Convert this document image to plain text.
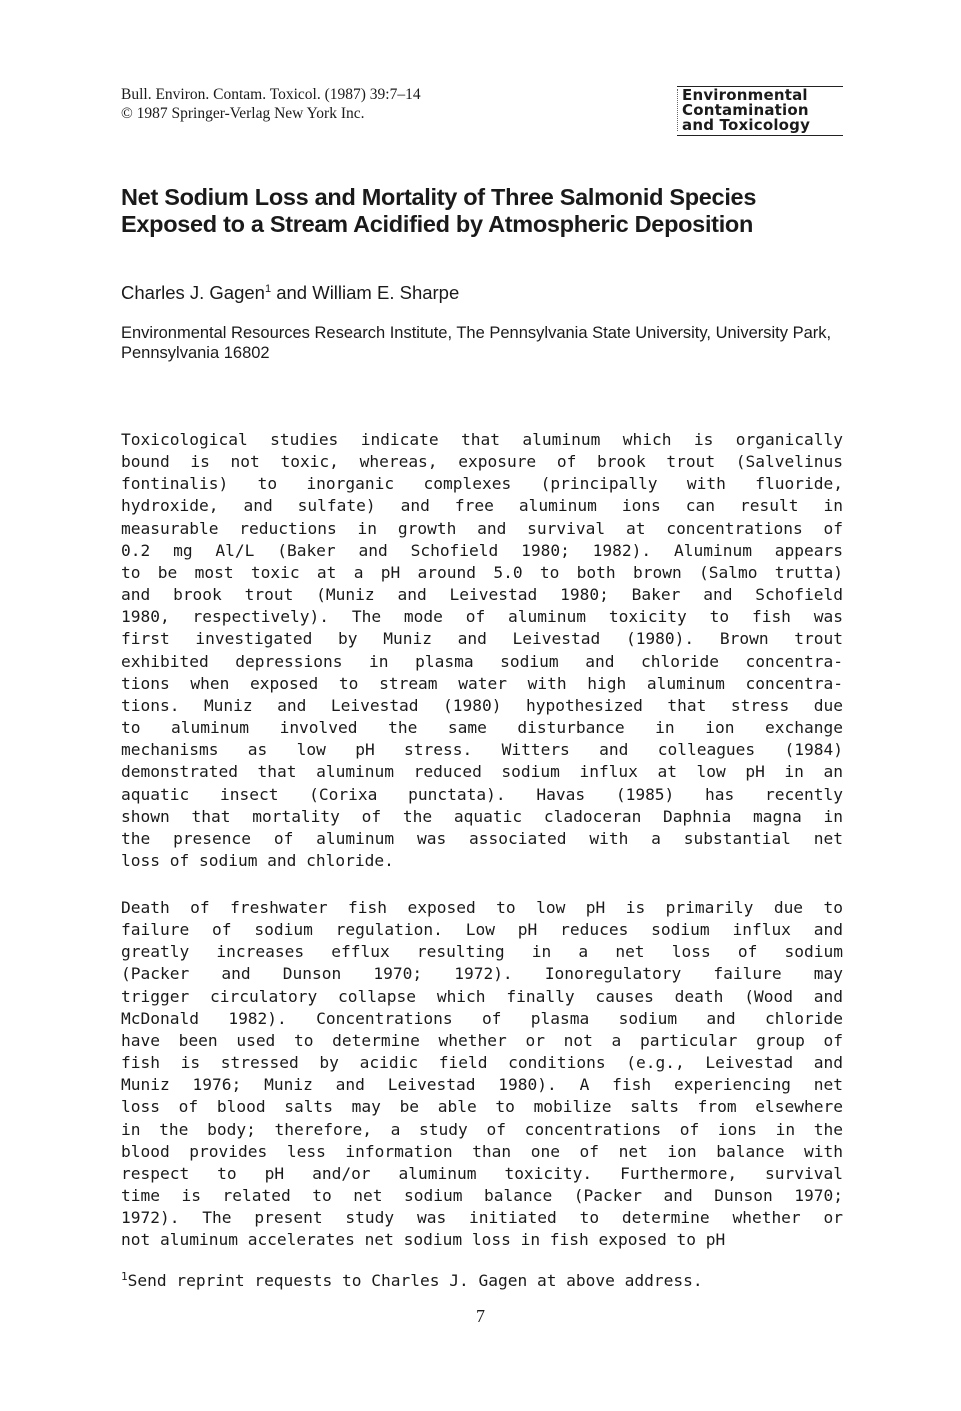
Bull. Environ. Contam. Toxicol. (1987) 39:7–14
© 1987 Springer-Verlag New York Inc.
Environmental
Contamination
and Toxicology
Net Sodium Loss and Mortality of Three Salmonid Species Exposed to a Stream Acidified by Atmospheric Deposition
Charles J. Gagen$^1$ and William E. Sharpe
Environmental Resources Research Institute, The Pennsylvania State University, University Park, Pennsylvania 16802
Toxicological studies indicate that aluminum which is organically
bound is not toxic, whereas, exposure of brook trout (Salvelinus
fontinalis) to inorganic complexes (principally with fluoride,
hydroxide, and sulfate) and free aluminum ions can result in
measurable reductions in growth and survival at concentrations of
0.2 mg Al/L (Baker and Schofield 1980; 1982). Aluminum appears
to be most toxic at a pH around 5.0 to both brown (Salmo trutta)
and brook trout (Muniz and Leivestad 1980; Baker and Schofield
1980, respectively). The mode of aluminum toxicity to fish was
first investigated by Muniz and Leivestad (1980). Brown trout
exhibited depressions in plasma sodium and chloride concentra-
tions when exposed to stream water with high aluminum concentra-
tions. Muniz and Leivestad (1980) hypothesized that stress due
to aluminum involved the same disturbance in ion exchange
mechanisms as low pH stress. Witters and colleagues (1984)
demonstrated that aluminum reduced sodium influx at low pH in an
aquatic insect (Corixa punctata). Havas (1985) has recently
shown that mortality of the aquatic cladoceran Daphnia magna in
the presence of aluminum was associated with a substantial net
loss of sodium and chloride.
Death of freshwater fish exposed to low pH is primarily due to
failure of sodium regulation. Low pH reduces sodium influx and
greatly increases efflux resulting in a net loss of sodium
(Packer and Dunson 1970; 1972). Ionoregulatory failure may
trigger circulatory collapse which finally causes death (Wood and
McDonald 1982). Concentrations of plasma sodium and chloride
have been used to determine whether or not a particular group of
fish is stressed by acidic field conditions (e.g., Leivestad and
Muniz 1976; Muniz and Leivestad 1980). A fish experiencing net
loss of blood salts may be able to mobilize salts from elsewhere
in the body; therefore, a study of concentrations of ions in the
blood provides less information than one of net ion balance with
respect to pH and/or aluminum toxicity. Furthermore, survival
time is related to net sodium balance (Packer and Dunson 1970;
1972). The present study was initiated to determine whether or
not aluminum accelerates net sodium loss in fish exposed to pH
$^1$Send reprint requests to Charles J. Gagen at above address.
7
